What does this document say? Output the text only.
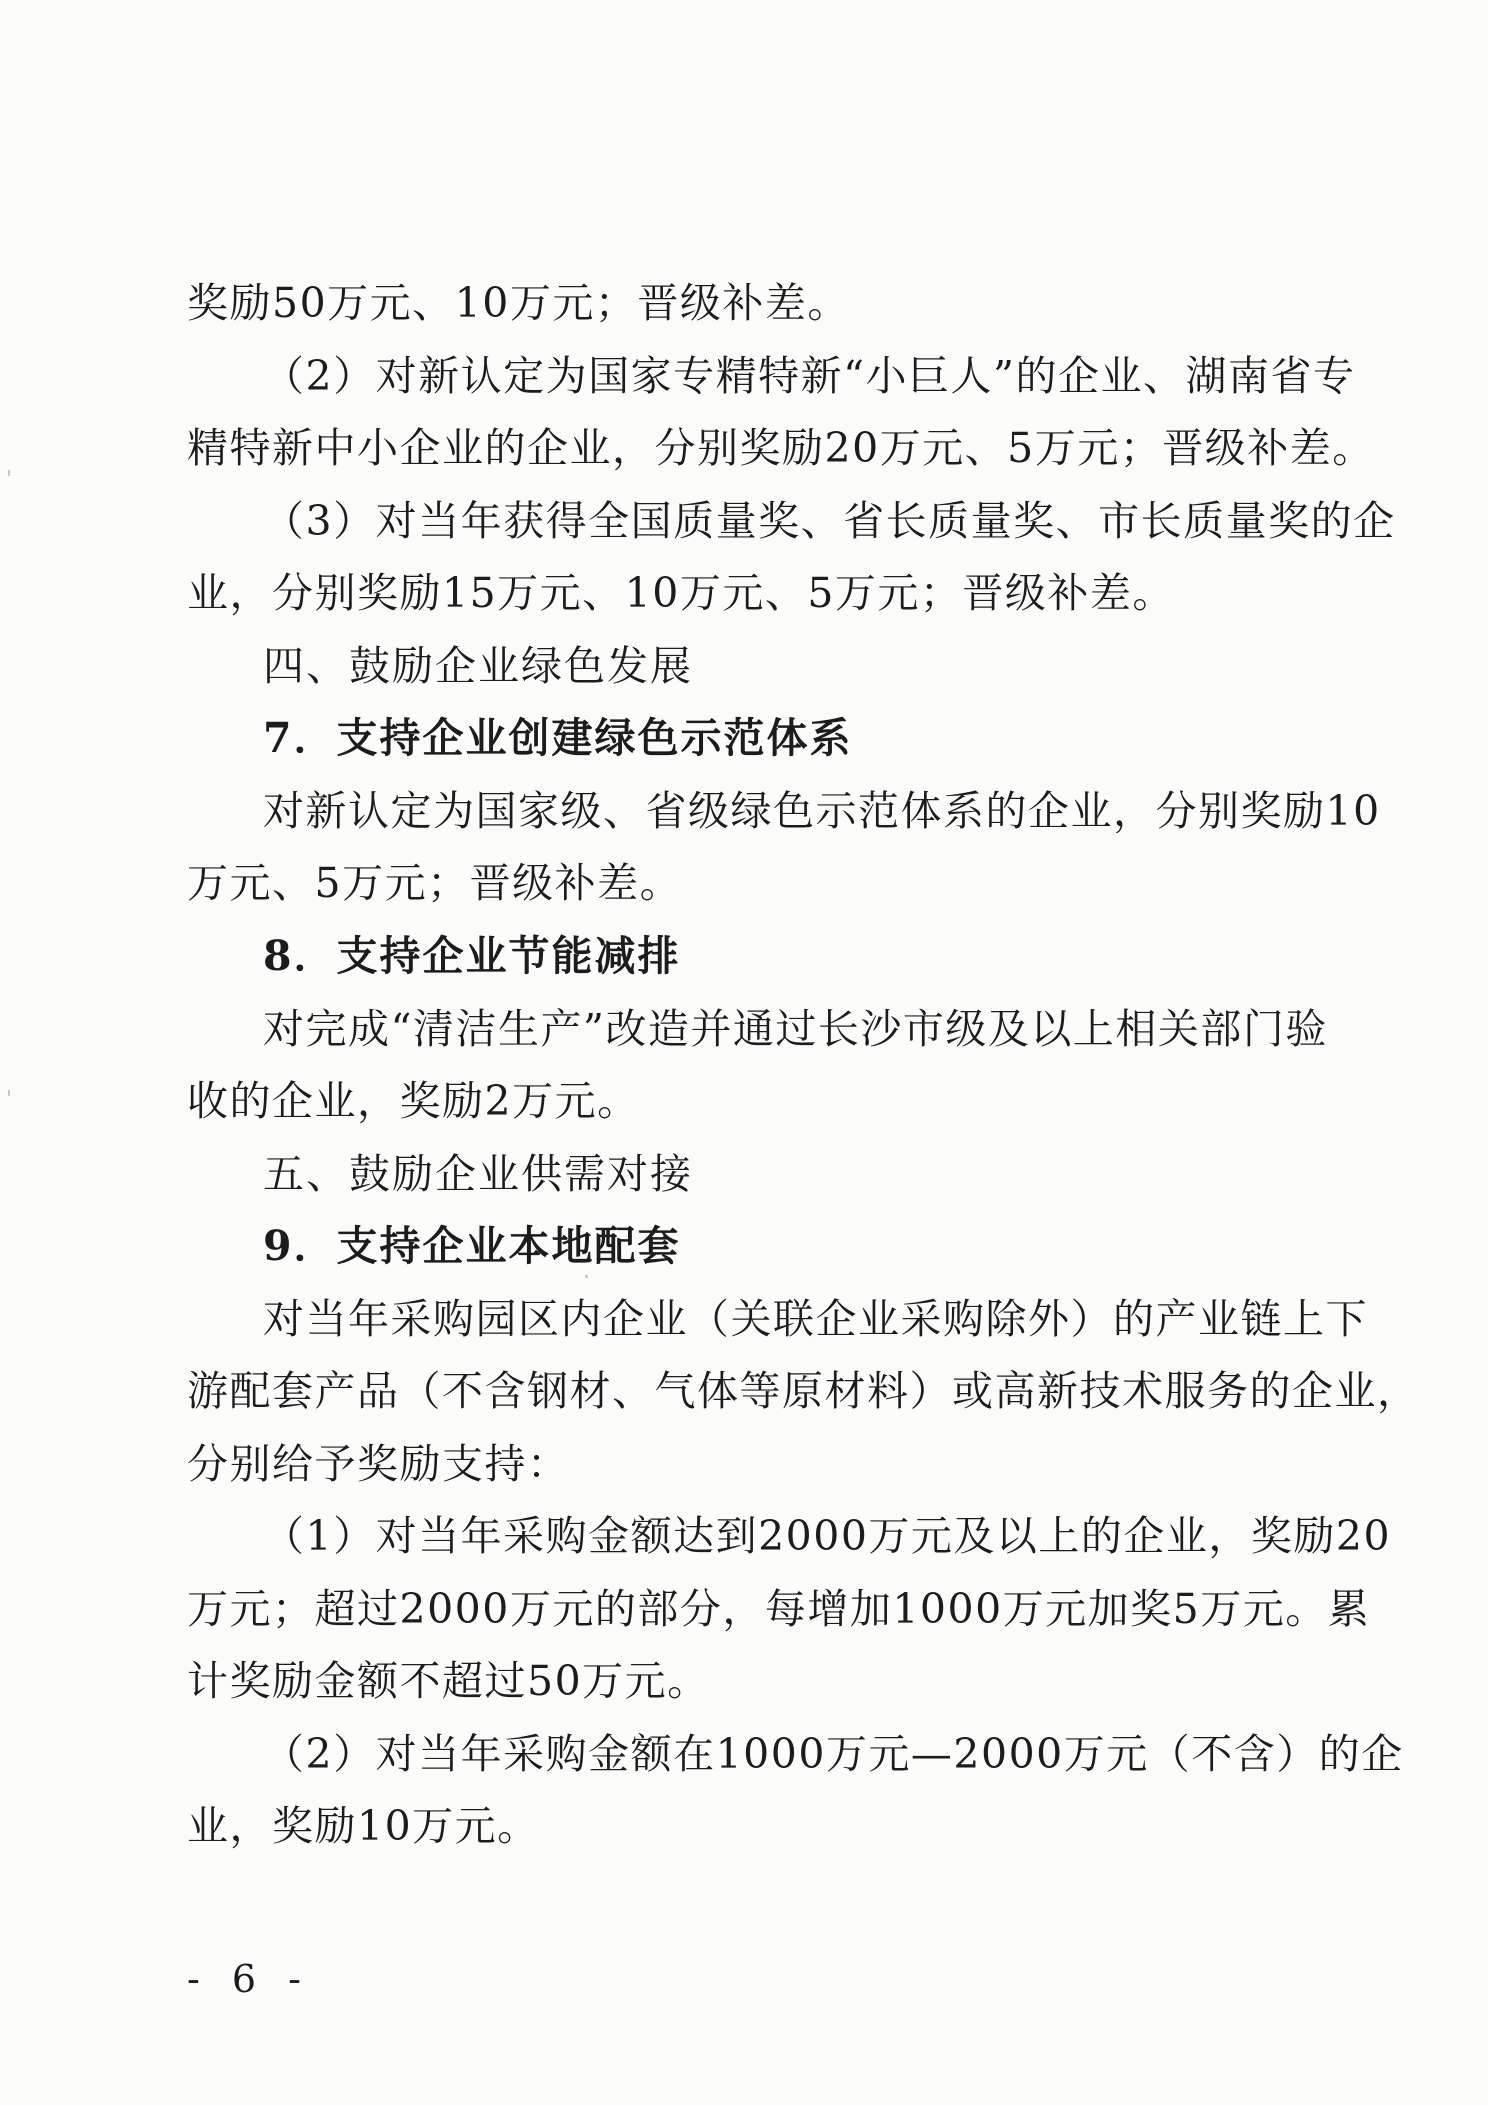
奖励50万元、10万元；晋级补差。
（2）对新认定为国家专精特新“小巨人”的企业、湖南省专
精特新中小企业的企业，分别奖励20万元、5万元；晋级补差。
（3）对当年获得全国质量奖、省长质量奖、市长质量奖的企
业，分别奖励15万元、10万元、5万元；晋级补差。
四、鼓励企业绿色发展
7．支持企业创建绿色示范体系
对新认定为国家级、省级绿色示范体系的企业，分别奖励10
万元、5万元；晋级补差。
8．支持企业节能减排
对完成“清洁生产”改造并通过长沙市级及以上相关部门验
收的企业，奖励2万元。
五、鼓励企业供需对接
9．支持企业本地配套
对当年采购园区内企业（关联企业采购除外）的产业链上下
游配套产品（不含钢材、气体等原材料）或高新技术服务的企业，
分别给予奖励支持：
（1）对当年采购金额达到2000万元及以上的企业，奖励20
万元；超过2000万元的部分，每增加1000万元加奖5万元。累
计奖励金额不超过50万元。
（2）对当年采购金额在1000万元—2000万元（不含）的企
业，奖励10万元。
- 6 -
